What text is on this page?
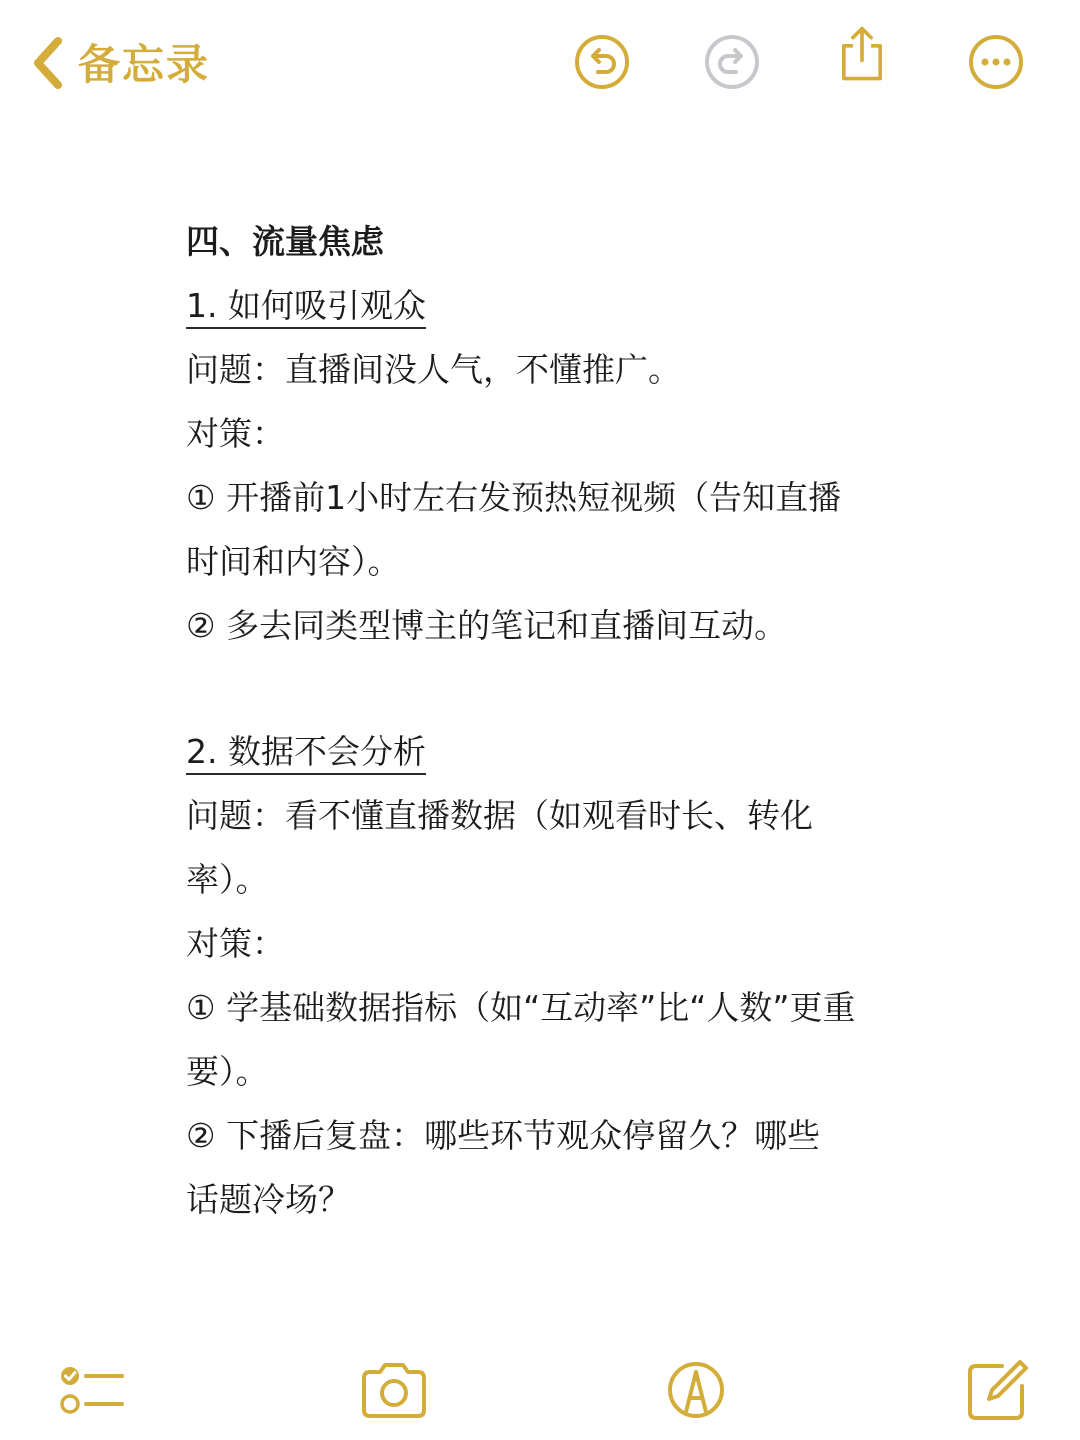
备忘录
四、流量焦虑
1. 如何吸引观众
问题：直播间没人气，不懂推广。
对策：
① 开播前1小时左右发预热短视频（告知直播
时间和内容）。
② 多去同类型博主的笔记和直播间互动。
2. 数据不会分析
问题：看不懂直播数据（如观看时长、转化
率）。
对策：
① 学基础数据指标（如“互动率”比“人数”更重
要）。
② 下播后复盘：哪些环节观众停留久？哪些
话题冷场？
